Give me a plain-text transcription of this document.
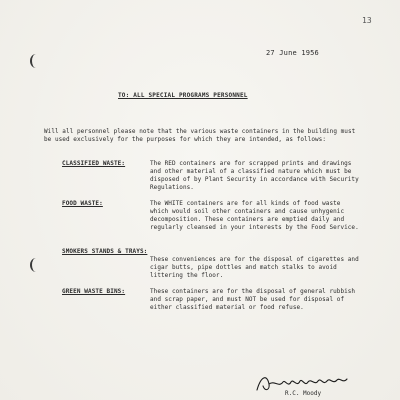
13
27 June 1956
TO: ALL SPECIAL PROGRAMS PERSONNEL
Will all personnel please note that the various waste containers in the building must be used exclusively for the purposes for which they are intended, as follows:
CLASSIFIED WASTE:	The RED containers are for scrapped prints and drawings and other material of a classified nature which must be disposed of by Plant Security in accordance with Security Regulations.
FOOD WASTE:	The WHITE containers are for all kinds of food waste which would soil other containers and cause unhygenic decomposition. These containers are emptied daily and regularly cleansed in your interests by the Food Service.
SMOKERS STANDS & TRAYS:
These conveniences are for the disposal of cigarettes and cigar butts, pipe dottles and match stalks to avoid littering the floor.
GREEN WASTE BINS:	These containers are for the disposal of general rubbish and scrap paper, and must NOT be used for disposal of either classified material or food refuse.
R.C. Moody
